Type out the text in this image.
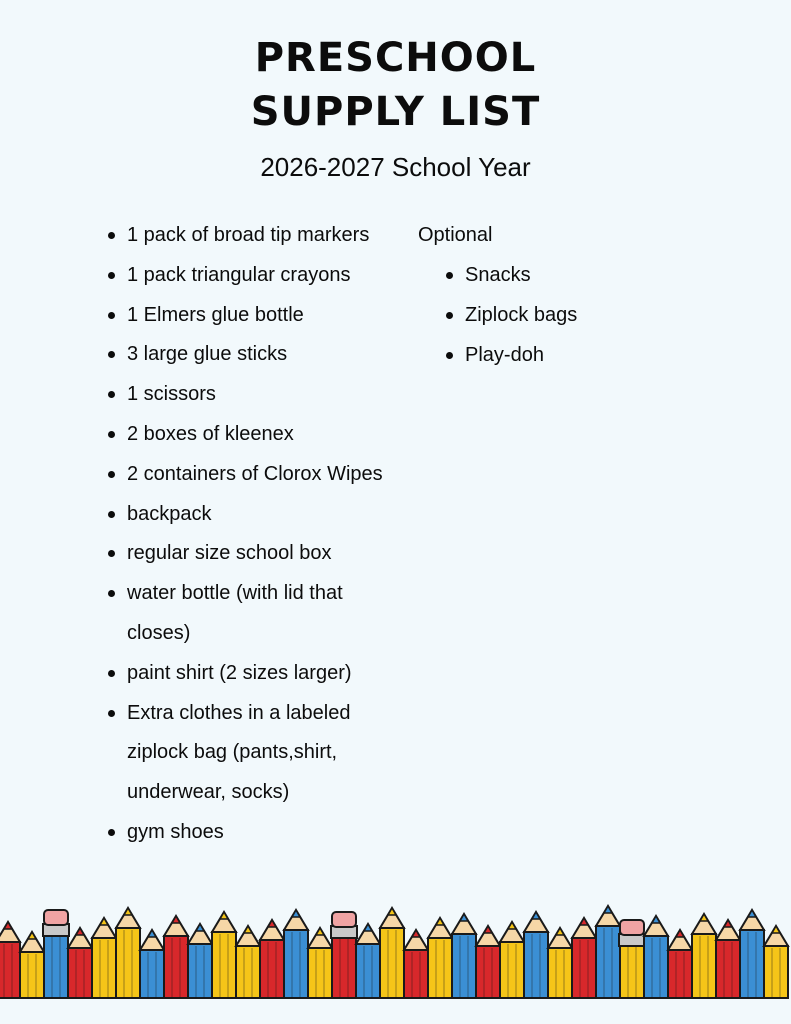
PRESCHOOL
SUPPLY LIST

2026-2027 School Year

1 pack of broad tip markers
1 pack triangular crayons
1 Elmers glue bottle
3 large glue sticks
1 scissors
2 boxes of kleenex
2 containers of Clorox Wipes
backpack
regular size school box
water bottle (with lid that closes)
paint shirt (2 sizes larger)
Extra clothes in a labeled ziplock bag (pants,shirt, underwear, socks)
gym shoes

Optional

Snacks
Ziplock bags
Play-doh
